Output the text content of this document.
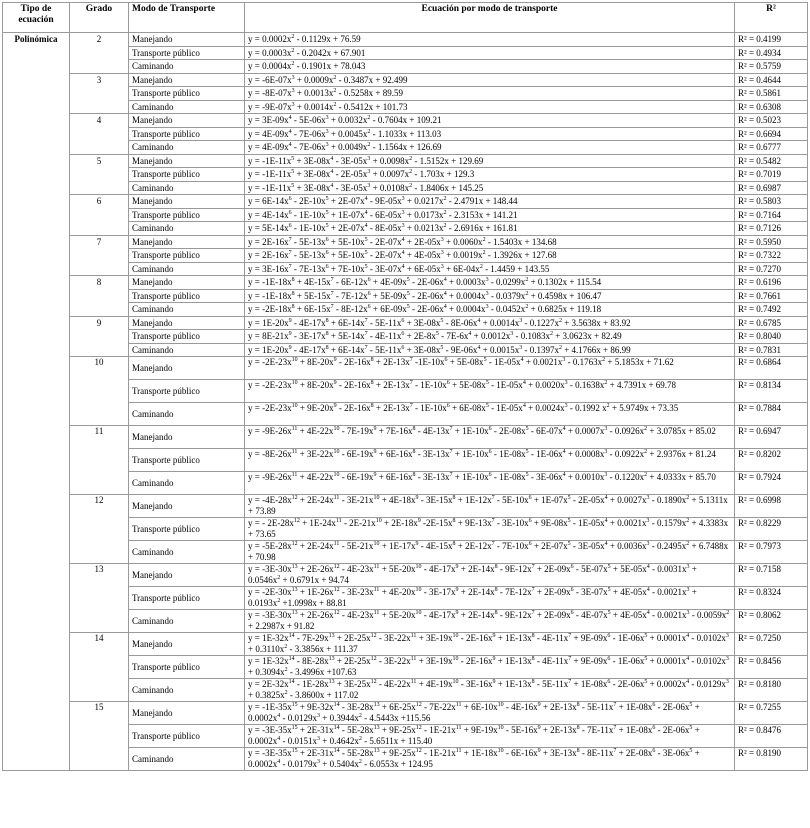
Tipo de ecuación	Grado	Modo de Transporte	Ecuación por modo de transporte	R²
Polinómica	2	Manejando	$y = 0.0002x^2 - 0.1129x + 76.59$	R² = 0.4199
		Transporte público	$y = 0.0003x^2 - 0.2042x + 67.901$	R² = 0.4934
		Caminando	$y = 0.0004x^2 - 0.1901x + 78.043$	R² = 0.5759
	3	Manejando	$y = -6E-07x^3 + 0.0009x^2 - 0.3487x + 92.499$	R² = 0.4644
		Transporte público	$y = -8E-07x^3 + 0.0013x^2 - 0.5258x + 89.59$	R² = 0.5861
		Caminando	$y = -9E-07x^3 + 0.0014x^2 - 0.5412x + 101.73$	R² = 0.6308
	4	Manejando	$y = 3E-09x^4 - 5E-06x^3 + 0.0032x^2 - 0.7604x + 109.21$	R² = 0.5023
		Transporte público	$y = 4E-09x^4 - 7E-06x^3 + 0.0045x^2 - 1.1033x + 113.03$	R² = 0.6694
		Caminando	$y = 4E-09x^4 - 7E-06x^3 + 0.0049x^2 - 1.1564x + 126.69$	R² = 0.6777
	5	Manejando	$y = -1E-11x^5 + 3E-08x^4 - 3E-05x^3 + 0.0098x^2 - 1.5152x + 129.69$	R² = 0.5482
		Transporte público	$y = -1E-11x^5 + 3E-08x^4 - 2E-05x^3 + 0.0097x^2 - 1.703x + 129.3$	R² = 0.7019
		Caminando	$y = -1E-11x^5 + 3E-08x^4 - 3E-05x^3 + 0.0108x^2 - 1.8406x + 145.25$	R² = 0.6987
	6	Manejando	$y = 6E-14x^6 - 2E-10x^5 + 2E-07x^4 - 9E-05x^3 + 0.0217x^2 - 2.4791x + 148.44$	R² = 0.5803
		Transporte público	$y = 4E-14x^6 - 1E-10x^5 + 1E-07x^4 - 6E-05x^3 + 0.0173x^2 - 2.3153x + 141.21$	R² = 0.7164
		Caminando	$y = 5E-14x^6 - 1E-10x^5 + 2E-07x^4 - 8E-05x^3 + 0.0213x^2 - 2.6916x + 161.81$	R² = 0.7126
	7	Manejando	$y = 2E-16x^7 - 5E-13x^6 + 5E-10x^5 - 2E-07x^4 + 2E-05x^3 + 0.0060x^2 - 1.5403x + 134.68$	R² = 0.5950
		Transporte público	$y = 2E-16x^7 - 5E-13x^6 + 5E-10x^5 - 2E-07x^4 + 4E-05x^3 + 0.0019x^2 - 1.3926x + 127.68$	R² = 0.7322
		Caminando	$y = 3E-16x^7 - 7E-13x^6 + 7E-10x^5 - 3E-07x^4 + 6E-05x^3 + 6E-04x^2 - 1.4459 + 143.55$	R² = 0.7270
	8	Manejando	$y = -1E-18x^8 + 4E-15x^7 - 6E-12x^6 + 4E-09x^5 - 2E-06x^4 + 0.0003x^3 - 0.0299x^2 + 0.1302x + 115.54$	R² = 0.6196
		Transporte público	$y = -1E-18x^8 + 5E-15x^7 - 7E-12x^6 + 5E-09x^5 - 2E-06x^4 + 0.0004x^3 - 0.0379x^2 + 0.4598x + 106.47$	R² = 0.7661
		Caminando	$y = -2E-18x^8 + 6E-15x^7 - 8E-12x^6 + 6E-09x^5 - 2E-06x^4 + 0.0004x^3 - 0.0452x^2 + 0.6825x + 119.18$	R² = 0.7492
	9	Manejando	$y = 1E-20x^9 - 4E-17x^8 + 6E-14x^7 - 5E-11x^6 + 3E-08x^5 - 8E-06x^4 + 0.0014x^3 - 0.1227x^2 + 3.5638x + 83.92$	R² = 0.6785
		Transporte público	$y = 8E-21x^9 - 3E-17x^8 + 5E-14x^7 - 4E-11x^6 + 2E-8x^5 - 7E-6x^4 + 0.0012x^3 - 0.1083x^2 + 3.0623x + 82.49$	R² = 0.8040
		Caminando	$y = 1E-20x^9 - 4E-17x^8 + 6E-14x^7 - 5E-11x^6 + 3E-08x^5 - 9E-06x^4 + 0.0015x^3 - 0.1397x^2 + 4.1766x + 86.99$	R² = 0.7831
	10	Manejando	$y = -2E-23x^{10} + 8E-20x^9 - 2E-16x^8 + 2E-13x^7$ $-1E-10x^6 + 5E-08x^5 - 1E-05x^4 + 0.0021x^3 - 0.1763x^2 + 5.1853x + 71.62$	R² = 0.6864
		Transporte público	$y = -2E-23x^{10} + 8E-20x^9 - 2E-16x^8 + 2E-13x^7 - 1E-10x^6 + 5E-08x^5 - 1E-05x^4 + 0.0020x^3 - 0.1638x^2 + 4.7391x + 69.78$	R² = 0.8134
		Caminando	$y = -2E-23x^{10} + 9E-20x^9 - 2E-16x^8 + 2E-13x^7 - 1E-10x^6 + 6E-08x^5 - 1E-05x^4 + 0.0024x^3 - 0.1992$ $x^2 + 5.9749x + 73.35$	R² = 0.7884
	11	Manejando	$y = -9E-26x^{11} + 4E-22x^{10} - 7E-19x^9 + 7E-16x^8 - 4E-13x^7 + 1E-10x^6 - 2E-08x^5 - 6E-07x^4 + 0.0007x^3 - 0.0926x^2 + 3.0785x + 85.02$	R² = 0.6947
		Transporte público	$y = -8E-26x^{11} + 3E-22x^{10} - 6E-19x^9 + 6E-16x^8 - 3E-13x^7 + 1E-10x^6 - 1E-08x^5 - 1E-06x^4 + 0.0008x^3 - 0.0922x^2 + 2.9376x + 81.24$	R² = 0.8202
		Caminando	$y = -9E-26x^{11} + 4E-22x^{10} - 6E-19x^9 + 6E-16x^8 - 3E-13x^7 + 1E-10x^6 - 1E-08x^5 - 3E-06x^4 + 0.0010x^3 - 0.1220x^2 + 4.0333x + 85.70$	R² = 0.7924
	12	Manejando	$y = -4E-28x^{12} + 2E-24x^{11} - 3E-21x^{10} + 4E-18x^9 - 3E-15x^8 + 1E-12x^7 - 5E-10x^6 + 1E-07x^5 - 2E-05x^4 + 0.0027x^3 - 0.1890x^2 + 5.1311x + 73.89$	R² = 0.6998
		Transporte público	y = - $2E-28x^{12} + 1E-24x^{11} - 2E-21x^{10} + 2E-18x^9$ $-2E-15x^8 + 9E-13x^7 - 3E-10x^6 + 9E-08x^5 - 1E-05x^4 + 0.0021x^3 - 0.1579x^2 + 4.3383x + 73.65$	R² = 0.8229
		Caminando	$y = -5E-28x^{12} + 2E-24x^{11} - 5E-21x^{10} + 1E-17x^9 - 4E-15x^8 + 2E-12x^7 - 7E-10x^6 + 2E-07x^5 - 3E-05x^4 + 0.0036x^3 - 0.2495x^2 + 6.7488x + 70.98$	R² = 0.7973
	13	Manejando	$y = -3E-30x^{13} + 2E-26x^{12} - 4E-23x^{11} + 5E-20x^{10} - 4E-17x^9 + 2E-14x^8 - 9E-12x^7 + 2E-09x^6 - 5E-07x^5 + 5E-05x^4 - 0.0031x^3 + 0.0546x^2 + 0.6791x + 94.74$	R² = 0.7158
		Transporte público	$y = -2E-30x^{13} + 1E-26x^{12} - 3E-23x^{11} + 4E-20x^{10} - 3E-17x^9 + 2E-14x^8 - 7E-12x^7 + 2E-09x^6 - 3E-07x^5 + 4E-05x^4 - 0.0021x^3 + 0.0193x^2 +1.0998x + 88.81$	R² = 0.8324
		Caminando	$y = -3E-30x^{13} + 2E-26x^{12} - 4E-23x^{11} + 5E-20x^{10} - 4E-17x^9 + 2E-14x^8 - 9E-12x^7 + 2E-09x^6 - 4E-07x^5 + 4E-05x^4 - 0.0021x^3 - 0.0059x^2 + 2.2987x + 91.82$	R² = 0.8062
	14	Manejando	$y = 1E-32x^{14} - 7E-29x^{13} + 2E-25x^{12} - 3E-22x^{11} + 3E-19x^{10} - 2E-16x^9 + 1E-13x^8 - 4E-11x^7 + 9E-09x^6 - 1E-06x^5 + 0.0001x^4 - 0.0102x^3 + 0.3110x^2 - 3.3856x + 111.37$	R² = 0.7250
		Transporte público	$y = 1E-32x^{14} - 8E-28x^{13} + 2E-25x^{12} - 3E-22x^{11} + 3E-19x^{10} - 2E-16x^9 + 1E-13x^8 - 4E-11x^7 + 9E-09x^6 - 1E-06x^5 + 0.0001x^4 - 0.0102x^3 + 0.3094x^2 - 3.4996x +107.63$	R² = 0.8456
		Caminando	$y = 2E-32x^{14} - 1E-28x^{13} + 3E-25x^{12} - 4E-22x^{11} + 4E-19x^{10} - 3E-16x^9 + 1E-13x^8 - 5E-11x^7 + 1E-08x^6 - 2E-06x^5 + 0.0002x^4 - 0.0129x^3 + 0.3825x^2 - 3.8600x + 117.02$	R² = 0.8180
	15	Manejando	$y = -1E-35x^{15} + 9E-32x^{14} - 3E-28x^{13} + 6E-25x^{12} - 7E-22x^{11} + 6E-10x^{10} - 4E-16x^9 + 2E-13x^8 - 5E-11x^7 + 1E-08x^6 - 2E-06x^5 + 0.0002x^4 - 0.0129x^3 + 0.3944x^2 - 4.5443x +115.56$	R² = 0.7255
		Transporte público	$y = -3E-35x^{15} + 2E-31x^{14} - 5E-28x^{13} + 9E-25x^{12} - 1E-21x^{11} + 9E-19x^{10} - 5E-16x^9 + 2E-13x^8 - 7E-11x^7 + 1E-08x^6 - 2E-06x^5 + 0.0002x^4 - 0.0151x^3 + 0.4642x^2 - 5.6511x + 115.40$	R² = 0.8476
		Caminando	$y = -3E-35x^{15} + 2E-31x^{14} - 5E-28x^{13} + 9E-25x^{12} - 1E-21x^{11} + 1E-18x^{10} - 6E-16x^9 + 3E-13x^8 - 8E-11x^7 + 2E-08x^6 - 3E-06x^5 + 0.0002x^4 - 0.0179x^3 + 0.5404x^2 - 6.0553x + 124.95$	R² = 0.8190
